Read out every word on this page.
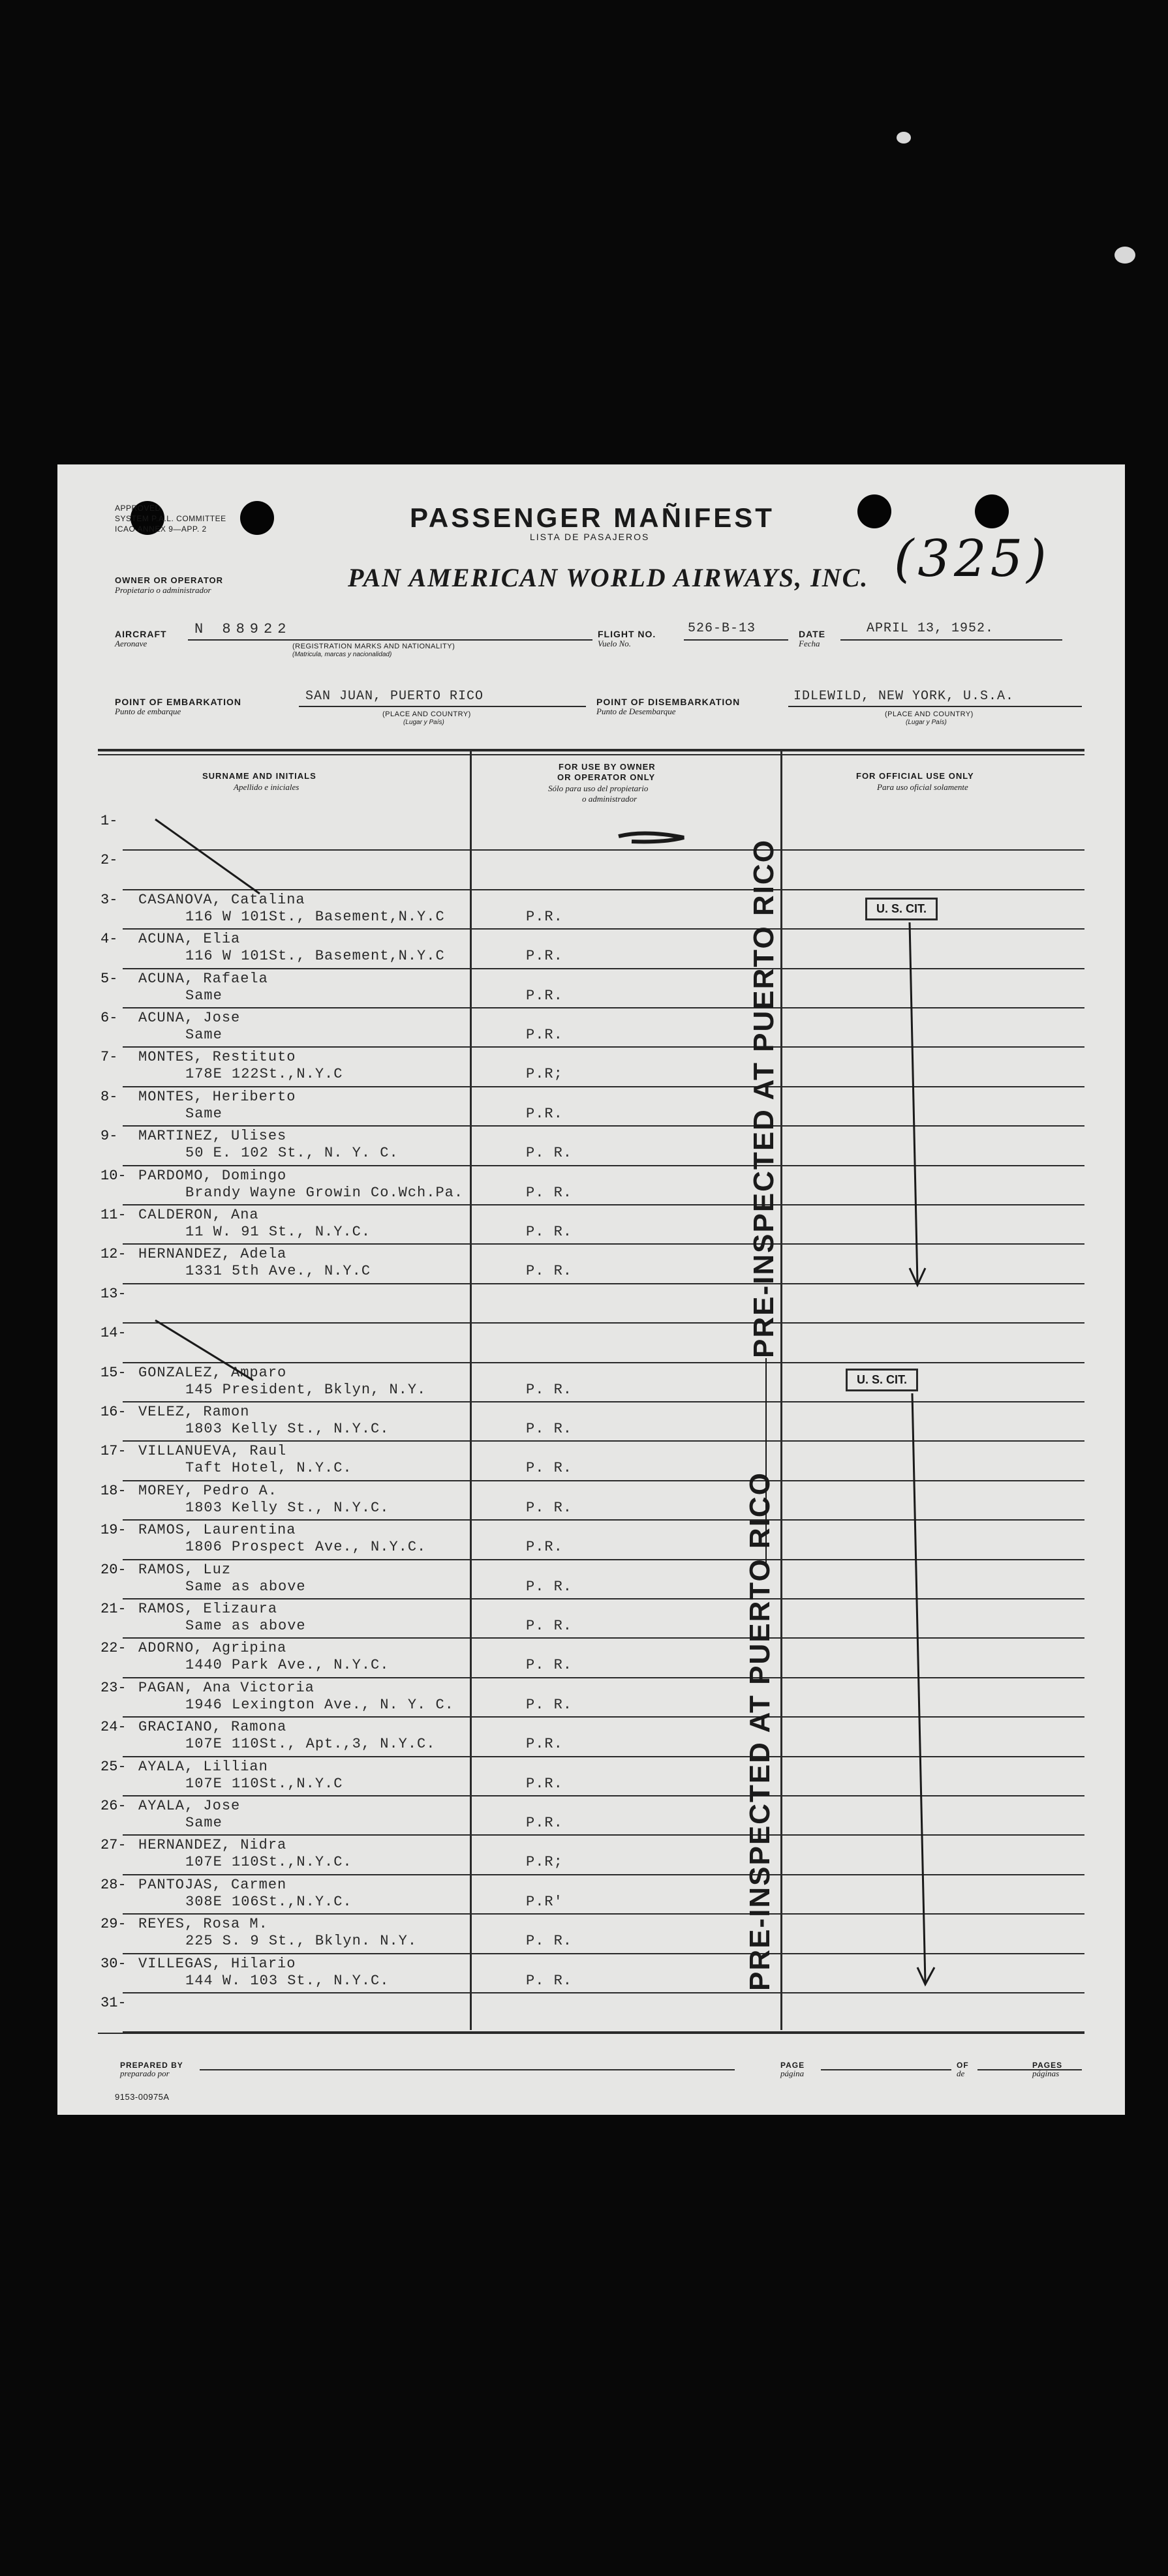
APPROVED
SYSTEM P.A.L. COMMITTEE
ICAO ANNEX 9—APP. 2	PASSENGER MAÑIFEST
LISTA DE PASAJEROS
OWNER OR OPERATOR
Propietario o administrador	PAN AMERICAN WORLD AIRWAYS, INC. (325)
AIRCRAFT
Aeronave
N 88922
(REGISTRATION MARKS AND NATIONALITY)
(Matricula, marcas y nacionalidad)
FLIGHT NO.
Vuelo No.
526-B-13	DATE
Fecha
APRIL 13, 1952.
POINT OF EMBARKATION
Punto de embarque
SAN JUAN, PUERTO RICO
(PLACE AND COUNTRY)
(Lugar y País)
POINT OF DISEMBARKATION
Punto de Desembarque
IDLEWILD, NEW YORK, U.S.A.
(PLACE AND COUNTRY)
(Lugar y País)
SURNAME AND INITIALS
Apellido e iniciales
FOR USE BY OWNER
OR OPERATOR ONLY
Sólo para uso del propietario
o administrador
FOR OFFICIAL USE ONLY
Para uso oficial solamente
1-
2-
3- CASANOVA, Catalina
116 W 101St., Basement,N.Y.C	P.R.
4- ACUNA, Elia
116 W 101St., Basement,N.Y.C	P.R.
5- ACUNA, Rafaela
Same	P.R.
6- ACUNA, Jose
Same	P.R.
7- MONTES, Restituto
178E 122St.,N.Y.C	P.R;
8- MONTES, Heriberto
Same	P.R.
9- MARTINEZ, Ulises
50 E. 102 St., N. Y. C.	P. R.
10- PARDOMO, Domingo
Brandy Wayne Growin Co.Wch.Pa.	P. R.
11- CALDERON, Ana
11 W. 91 St., N.Y.C.	P. R.
12- HERNANDEZ, Adela
1331 5th Ave., N.Y.C	P. R.
13-
14-
15- GONZALEZ, Amparo
145 President, Bklyn, N.Y.	P. R.
16- VELEZ, Ramon
1803 Kelly St., N.Y.C.	P. R.
17- VILLANUEVA, Raul
Taft Hotel, N.Y.C.	P. R.
18- MOREY, Pedro A.
1803 Kelly St., N.Y.C.	P. R.
19- RAMOS, Laurentina
1806 Prospect Ave., N.Y.C.	P.R.
20- RAMOS, Luz
Same as above	P. R.
21- RAMOS, Elizaura
Same as above	P. R.
22- ADORNO, Agripina
1440 Park Ave., N.Y.C.	P. R.
23- PAGAN, Ana Victoria
1946 Lexington Ave., N. Y. C.	P. R.
24- GRACIANO, Ramona
107E 110St., Apt.,3, N.Y.C.	P.R.
25- AYALA, Lillian
107E 110St.,N.Y.C	P.R.
26- AYALA, Jose
Same	P.R.
27- HERNANDEZ, Nidra
107E 110St.,N.Y.C.	P.R;
28- PANTOJAS, Carmen
308E 106St.,N.Y.C.	P.R'
29- REYES, Rosa M.
225 S. 9 St., Bklyn. N.Y.	P. R.
30- VILLEGAS, Hilario
144 W. 103 St., N.Y.C.	P. R.
31-
U. S. CIT.
U. S. CIT.
PRE-INSPECTED AT PUERTO RICO
PRE-INSPECTED AT PUERTO RICO
PREPARED BY
preparado por
PAGE
página
OF
de
PAGES
páginas
9153-00975A
